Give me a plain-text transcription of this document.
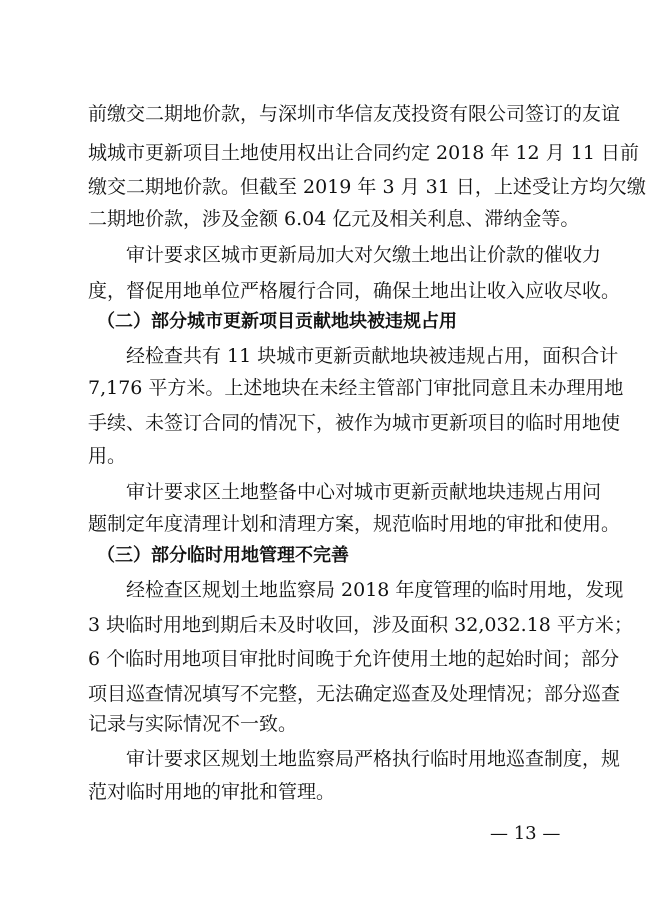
前缴交二期地价款，与深圳市华信友茂投资有限公司签订的友谊
城城市更新项目土地使用权出让合同约定 2018 年 12 月 11 日前
缴交二期地价款。但截至 2019 年 3 月 31 日，上述受让方均欠缴
二期地价款，涉及金额 6.04 亿元及相关利息、滞纳金等。
　　审计要求区城市更新局加大对欠缴土地出让价款的催收力
度，督促用地单位严格履行合同，确保土地出让收入应收尽收。
　（二）部分城市更新项目贡献地块被违规占用
　　经检查共有 11 块城市更新贡献地块被违规占用，面积合计
7,176 平方米。上述地块在未经主管部门审批同意且未办理用地
手续、未签订合同的情况下，被作为城市更新项目的临时用地使
用。
　　审计要求区土地整备中心对城市更新贡献地块违规占用问
题制定年度清理计划和清理方案，规范临时用地的审批和使用。
　（三）部分临时用地管理不完善
　　经检查区规划土地监察局 2018 年度管理的临时用地，发现
3 块临时用地到期后未及时收回，涉及面积 32,032.18 平方米；
6 个临时用地项目审批时间晚于允许使用土地的起始时间；部分
项目巡查情况填写不完整，无法确定巡查及处理情况；部分巡查
记录与实际情况不一致。
　　审计要求区规划土地监察局严格执行临时用地巡查制度，规
范对临时用地的审批和管理。
— 13 —
